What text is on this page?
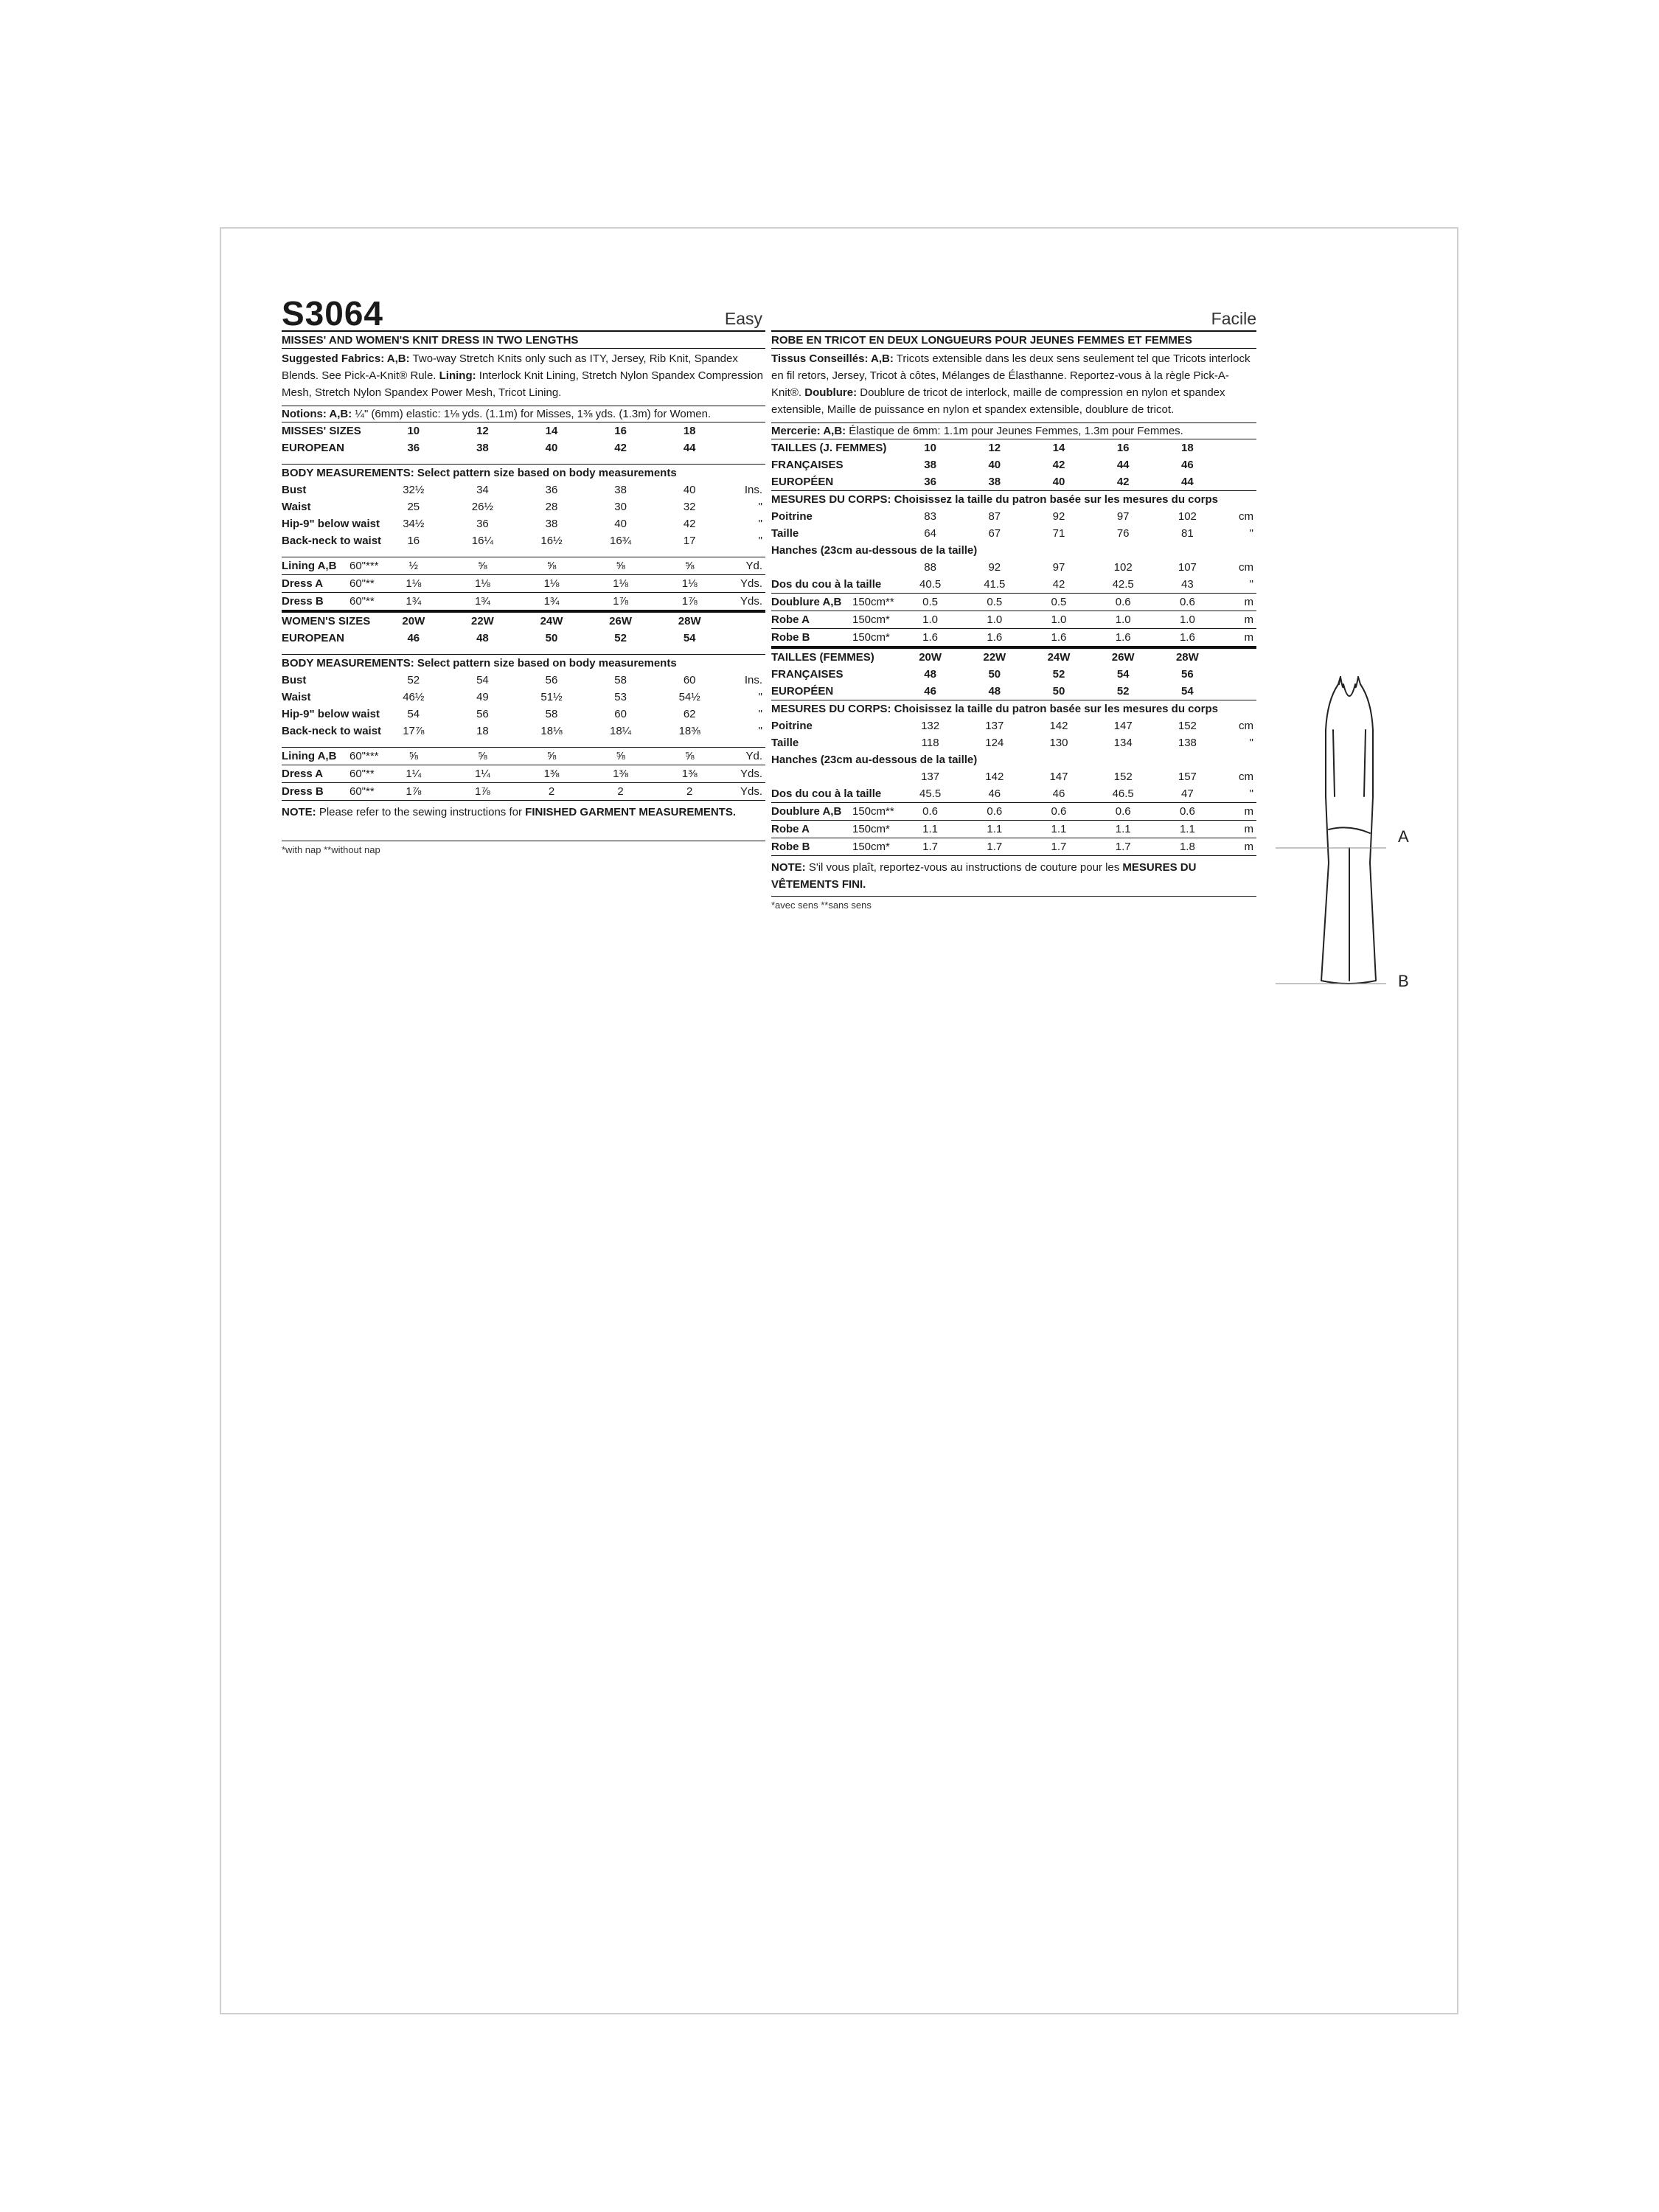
S3064	Easy
MISSES' AND WOMEN'S KNIT DRESS IN TWO LENGTHS
Suggested Fabrics: A,B: Two-way Stretch Knits only such as ITY, Jersey, Rib Knit, Spandex Blends. See Pick-A-Knit® Rule. Lining: Interlock Knit Lining, Stretch Nylon Spandex Compression Mesh, Stretch Nylon Spandex Power Mesh, Tricot Lining.
Notions: A,B: ¼" (6mm) elastic: 1⅛ yds. (1.1m) for Misses, 1⅜ yds. (1.3m) for Women.
MISSES' SIZES		10	12	14	16	18	
EUROPEAN		36	38	40	42	44	

BODY MEASUREMENTS: Select pattern size based on body measurements							
Bust		32½	34	36	38	40	Ins.
Waist		25	26½	28	30	32	"
Hip-9" below waist		34½	36	38	40	42	"
Back-neck to waist		16	16¼	16½	16¾	17	"

Lining A,B	60"***	½	⅝	⅝	⅝	⅝	Yd.
Dress A	60"**	1⅛	1⅛	1⅛	1⅛	1⅛	Yds.
Dress B	60"**	1¾	1¾	1¾	1⅞	1⅞	Yds.
WOMEN'S SIZES		20W	22W	24W	26W	28W	
EUROPEAN		46	48	50	52	54	

BODY MEASUREMENTS: Select pattern size based on body measurements							
Bust		52	54	56	58	60	Ins.
Waist		46½	49	51½	53	54½	"
Hip-9" below waist		54	56	58	60	62	"
Back-neck to waist		17⅞	18	18⅛	18¼	18⅜	"

Lining A,B	60"***	⅝	⅝	⅝	⅝	⅝	Yd.
Dress A	60"**	1¼	1¼	1⅜	1⅜	1⅜	Yds.
Dress B	60"**	1⅞	1⅞	2	2	2	Yds.
NOTE: Please refer to the sewing instructions for FINISHED GARMENT MEASUREMENTS.
*with nap **without nap
Facile
ROBE EN TRICOT EN DEUX LONGUEURS POUR JEUNES FEMMES ET FEMMES
Tissus Conseillés: A,B: Tricots extensible dans les deux sens seulement tel que Tricots interlock en fil retors, Jersey, Tricot à côtes, Mélanges de Élasthanne. Reportez-vous à la règle Pick-A-Knit®. Doublure: Doublure de tricot de interlock, maille de compression en nylon et spandex extensible, Maille de puissance en nylon et spandex extensible, doublure de tricot.
Mercerie: A,B: Élastique de 6mm: 1.1m pour Jeunes Femmes, 1.3m pour Femmes.
TAILLES (J. FEMMES)		10	12	14	16	18	
FRANÇAISES		38	40	42	44	46	
EUROPÉEN		36	38	40	42	44	
MESURES DU CORPS: Choisissez la taille du patron basée sur les mesures du corps							
Poitrine		83	87	92	97	102	cm
Taille		64	67	71	76	81	"
Hanches (23cm au-dessous de la taille)							
		88	92	97	102	107	cm
Dos du cou à la taille		40.5	41.5	42	42.5	43	"
Doublure A,B	150cm**	0.5	0.5	0.5	0.6	0.6	m
Robe A	150cm*	1.0	1.0	1.0	1.0	1.0	m
Robe B	150cm*	1.6	1.6	1.6	1.6	1.6	m
TAILLES (FEMMES)		20W	22W	24W	26W	28W	
FRANÇAISES		48	50	52	54	56	
EUROPÉEN		46	48	50	52	54	
MESURES DU CORPS: Choisissez la taille du patron basée sur les mesures du corps							
Poitrine		132	137	142	147	152	cm
Taille		118	124	130	134	138	"
Hanches (23cm au-dessous de la taille)							
		137	142	147	152	157	cm
Dos du cou à la taille		45.5	46	46	46.5	47	"
Doublure A,B	150cm**	0.6	0.6	0.6	0.6	0.6	m
Robe A	150cm*	1.1	1.1	1.1	1.1	1.1	m
Robe B	150cm*	1.7	1.7	1.7	1.7	1.8	m
NOTE: S'il vous plaît, reportez-vous au instructions de couture pour les MESURES DU VÊTEMENTS FINI.
*avec sens **sans sens
A
B
